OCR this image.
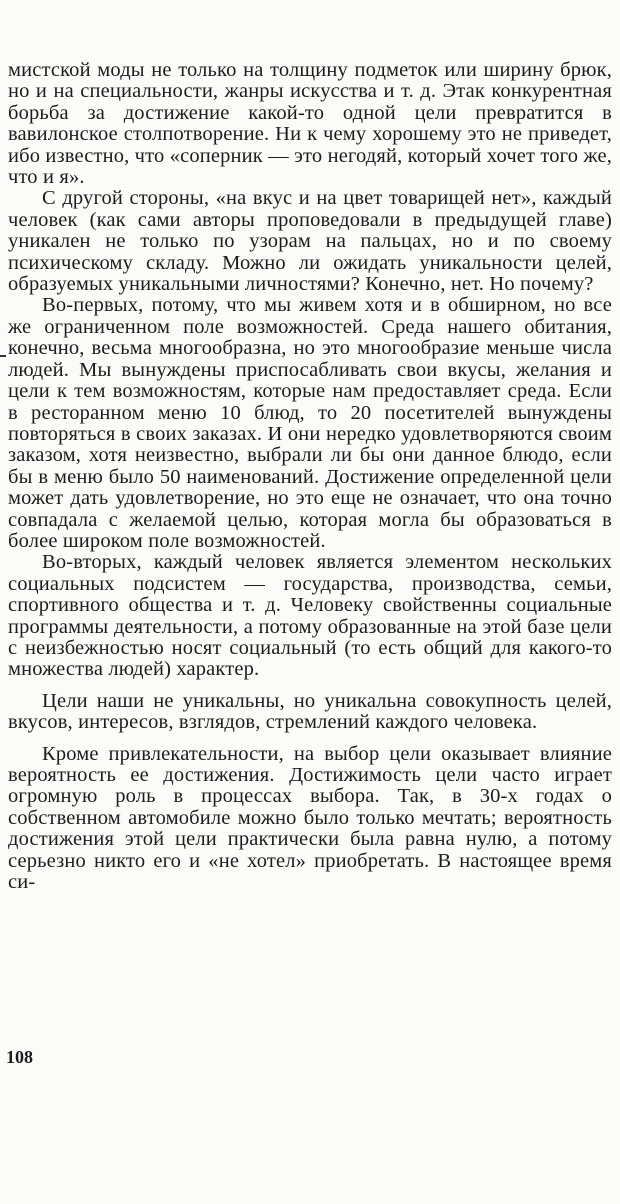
мистской моды не только на толщину подметок или ширину брюк, но и на специальности, жанры искусства и т. д. Этак конкурентная борьба за достижение какой-то одной цели превратится в вавилонское столпотворение. Ни к чему хорошему это не приведет, ибо известно, что «соперник — это негодяй, который хочет того же, что и я».

С другой стороны, «на вкус и на цвет товарищей нет», каждый человек (как сами авторы проповедовали в предыдущей главе) уникален не только по узорам на пальцах, но и по своему психическому складу. Можно ли ожидать уникальности целей, образуемых уникальными личностями? Конечно, нет. Но почему?

Во-первых, потому, что мы живем хотя и в обширном, но все же ограниченном поле возможностей. Среда нашего обитания, конечно, весьма многообразна, но это многообразие меньше числа людей. Мы вынуждены приспосабливать свои вкусы, желания и цели к тем возможностям, которые нам предоставляет среда. Если в ресторанном меню 10 блюд, то 20 посетителей вынуждены повторяться в своих заказах. И они нередко удовлетворяются своим заказом, хотя неизвестно, выбрали ли бы они данное блюдо, если бы в меню было 50 наименований. Достижение определенной цели может дать удовлетворение, но это еще не означает, что она точно совпадала с желаемой целью, которая могла бы образоваться в более широком поле возможностей.

Во-вторых, каждый человек является элементом нескольких социальных подсистем — государства, производства, семьи, спортивного общества и т. д. Человеку свойственны социальные программы деятельности, а потому образованные на этой базе цели с неизбежностью носят социальный (то есть общий для какого-то множества людей) характер.

Цели наши не уникальны, но уникальна совокупность целей, вкусов, интересов, взглядов, стремлений каждого человека.

Кроме привлекательности, на выбор цели оказывает влияние вероятность ее достижения. Достижимость цели часто играет огромную роль в процессах выбора. Так, в 30-х годах о собственном автомобиле можно было только мечтать; вероятность достижения этой цели практически была равна нулю, а потому серьезно никто его и «не хотел» приобретать. В настоящее время си-

108
